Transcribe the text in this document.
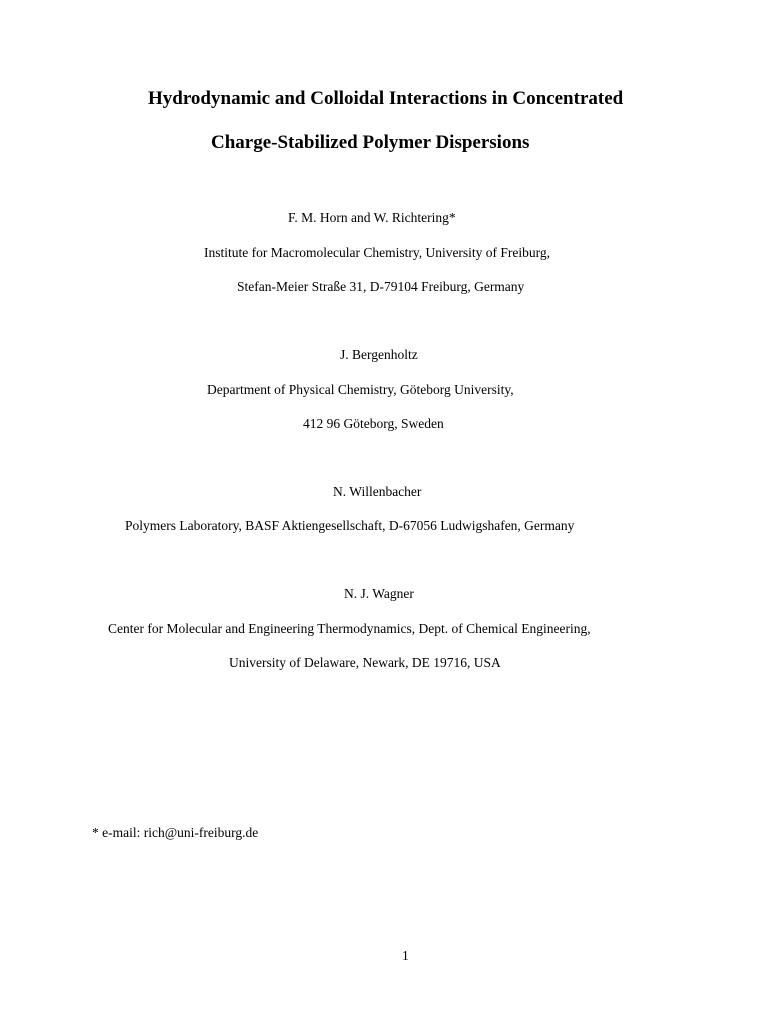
Hydrodynamic and Colloidal Interactions in Concentrated
Charge-Stabilized Polymer Dispersions
F. M. Horn and W. Richtering*
Institute for Macromolecular Chemistry, University of Freiburg,
Stefan-Meier Straße 31, D-79104 Freiburg, Germany
J. Bergenholtz
Department of Physical Chemistry, Göteborg University,
412 96 Göteborg, Sweden
N. Willenbacher
Polymers Laboratory, BASF Aktiengesellschaft, D-67056 Ludwigshafen, Germany
N. J. Wagner
Center for Molecular and Engineering Thermodynamics, Dept. of Chemical Engineering,
University of Delaware, Newark, DE 19716, USA
* e-mail: rich@uni-freiburg.de
1
